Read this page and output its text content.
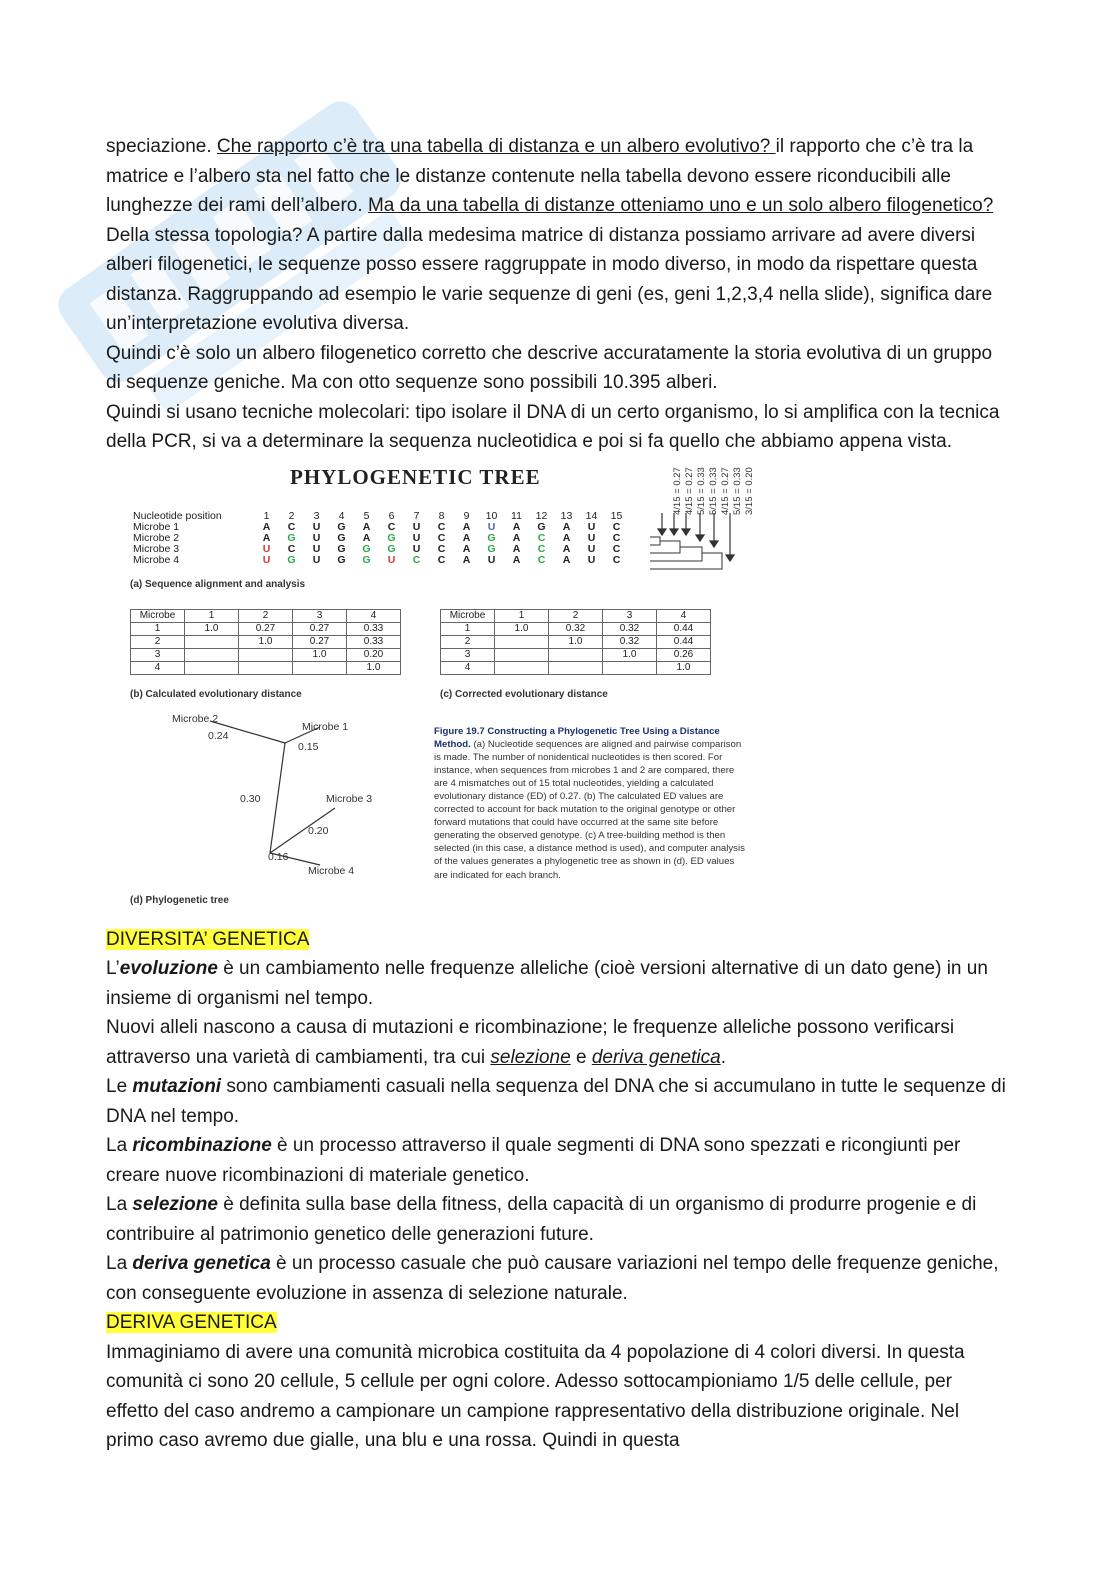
speciazione. Che rapporto c’è tra una tabella di distanza e un albero evolutivo? il rapporto che c’è tra la matrice e l’albero sta nel fatto che le distanze contenute nella tabella devono essere riconducibili alle lunghezze dei rami dell’albero. Ma da una tabella di distanze otteniamo uno e un solo albero filogenetico? Della stessa topologia? A partire dalla medesima matrice di distanza possiamo arrivare ad avere diversi alberi filogenetici, le sequenze posso essere raggruppate in modo diverso, in modo da rispettare questa distanza. Raggruppando ad esempio le varie sequenze di geni (es, geni 1,2,3,4 nella slide), significa dare un’interpretazione evolutiva diversa.

Quindi c’è solo un albero filogenetico corretto che descrive accuratamente la storia evolutiva di un gruppo di sequenze geniche. Ma con otto sequenze sono possibili 10.395 alberi.

Quindi si usano tecniche molecolari: tipo isolare il DNA di un certo organismo, lo si amplifica con la tecnica della PCR, si va a determinare la sequenza nucleotidica e poi si fa quello che abbiamo appena vista.

PHYLOGENETIC TREE	4/15 = 0.27 4/15 = 0.27 5/15 = 0.33 5/15 = 0.33 4/15 = 0.27 5/15 = 0.33 3/15 = 0.20
Nucleotide position	1	2	3	4	5	6	7	8	9	10	11	12	13	14	15
Microbe 1	A	C	U	G	A	C	U	C	A	U	A	G	A	U	C
Microbe 2	A	G	U	G	A	G	U	C	A	G	A	C	A	U	C
Microbe 3	U	C	U	G	G	G	U	C	A	G	A	C	A	U	C
Microbe 4	U	G	U	G	G	U	C	C	A	U	A	C	A	U	C
(a) Sequence alignment and analysis
Microbe	1	2	3	4
1	1.0	0.27	0.27	0.33
2		1.0	0.27	0.33
3			1.0	0.20
4				1.0
(b) Calculated evolutionary distance
Microbe	1	2	3	4
1	1.0	0.32	0.32	0.44
2		1.0	0.32	0.44
3			1.0	0.26
4				1.0
(c) Corrected evolutionary distance
Microbe 2
Microbe 1
0.24
0.15
0.30	Microbe 3
0.20
0.16
Microbe 4
(d) Phylogenetic tree
Figure 19.7 Constructing a Phylogenetic Tree Using a Distance Method. (a) Nucleotide sequences are aligned and pairwise comparison is made. The number of nonidentical nucleotides is then scored. For instance, when sequences from microbes 1 and 2 are compared, there are 4 mismatches out of 15 total nucleotides, yielding a calculated evolutionary distance (ED) of 0.27. (b) The calculated ED values are corrected to account for back mutation to the original genotype or other forward mutations that could have occurred at the same site before generating the observed genotype. (c) A tree-building method is then selected (in this case, a distance method is used), and computer analysis of the values generates a phylogenetic tree as shown in (d). ED values are indicated for each branch.

DIVERSITA’ GENETICA

L’evoluzione è un cambiamento nelle frequenze alleliche (cioè versioni alternative di un dato gene) in un insieme di organismi nel tempo.

Nuovi alleli nascono a causa di mutazioni e ricombinazione; le frequenze alleliche possono verificarsi attraverso una varietà di cambiamenti, tra cui selezione e deriva genetica.

Le mutazioni sono cambiamenti casuali nella sequenza del DNA che si accumulano in tutte le sequenze di DNA nel tempo.

La ricombinazione è un processo attraverso il quale segmenti di DNA sono spezzati e ricongiunti per creare nuove ricombinazioni di materiale genetico.

La selezione è definita sulla base della fitness, della capacità di un organismo di produrre progenie e di contribuire al patrimonio genetico delle generazioni future.

La deriva genetica è un processo casuale che può causare variazioni nel tempo delle frequenze geniche, con conseguente evoluzione in assenza di selezione naturale.

DERIVA GENETICA

Immaginiamo di avere una comunità microbica costituita da 4 popolazione di 4 colori diversi. In questa comunità ci sono 20 cellule, 5 cellule per ogni colore. Adesso sottocampioniamo 1/5 delle cellule, per effetto del caso andremo a campionare un campione rappresentativo della distribuzione originale. Nel primo caso avremo due gialle, una blu e una rossa. Quindi in questa
